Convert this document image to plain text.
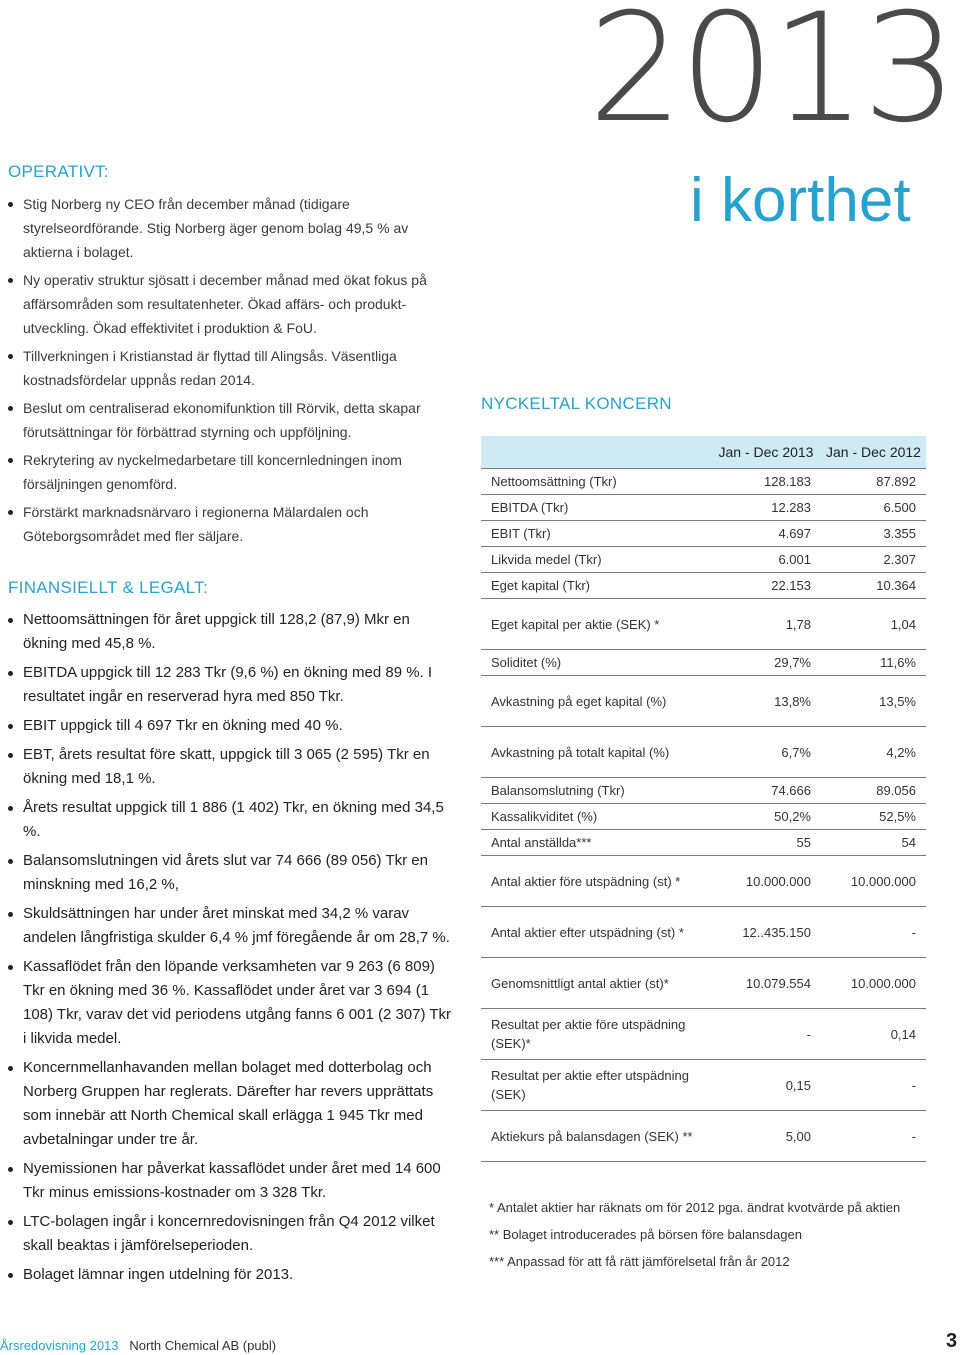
2013
i korthet
OPERATIVT:
Stig Norberg ny CEO från december månad (tidigare styrelseordförande. Stig Norberg äger genom bolag 49,5 % av aktierna i bolaget.
Ny operativ struktur sjösatt i december månad med ökat fokus på affärsområden som resultatenheter. Ökad affärs- och produkt-utveckling. Ökad effektivitet i produktion & FoU.
Tillverkningen i Kristianstad är flyttad till Alingsås. Väsentliga kostnadsfördelar uppnås redan 2014.
Beslut om centraliserad ekonomifunktion till Rörvik, detta skapar förutsättningar för förbättrad styrning och uppföljning.
Rekrytering av nyckelmedarbetare till koncernledningen inom försäljningen genomförd.
Förstärkt marknadsnärvaro i regionerna Mälardalen och Göteborgsområdet med fler säljare.
FINANSIELLT & LEGALT:
Nettoomsättningen för året uppgick till 128,2 (87,9) Mkr en ökning med 45,8 %.
EBITDA uppgick till 12 283 Tkr (9,6 %) en ökning med 89 %. I resultatet ingår en reserverad hyra med 850 Tkr.
EBIT uppgick till 4 697 Tkr en ökning med 40 %.
EBT, årets resultat före skatt, uppgick till 3 065 (2 595) Tkr en ökning med 18,1 %.
Årets resultat uppgick till 1 886 (1 402) Tkr, en ökning med 34,5 %.
Balansomslutningen vid årets slut var 74 666 (89 056) Tkr en minskning med 16,2 %,
Skuldsättningen har under året minskat med 34,2 % varav andelen långfristiga skulder 6,4 % jmf föregående år om 28,7 %.
Kassaflödet från den löpande verksamheten var 9 263 (6 809) Tkr en ökning med 36 %. Kassaflödet under året var 3 694 (1 108) Tkr, varav det vid periodens utgång fanns 6 001 (2 307) Tkr i likvida medel.
Koncernmellanhavanden mellan bolaget med dotterbolag och Norberg Gruppen har reglerats. Därefter har revers upprättats som innebär att North Chemical skall erlägga 1 945 Tkr med avbetalningar under tre år.
Nyemissionen har påverkat kassaflödet under året med 14 600 Tkr minus emissions-kostnader om 3 328 Tkr.
LTC-bolagen ingår i koncernredovisningen från Q4 2012 vilket skall beaktas i jämförelseperioden.
Bolaget lämnar ingen utdelning för 2013.
NYCKELTAL KONCERN
	Jan - Dec 2013	Jan - Dec 2012
Nettoomsättning (Tkr)	128.183	87.892
EBITDA (Tkr)	12.283	6.500
EBIT (Tkr)	4.697	3.355
Likvida medel (Tkr)	6.001	2.307
Eget kapital (Tkr)	22.153	10.364
Eget kapital per aktie (SEK) *	1,78	1,04
Soliditet (%)	29,7%	11,6%
Avkastning på eget kapital (%)	13,8%	13,5%
Avkastning på totalt kapital (%)	6,7%	4,2%
Balansomslutning (Tkr)	74.666	89.056
Kassalikviditet (%)	50,2%	52,5%
Antal anställda***	55	54
Antal aktier före utspädning (st) *	10.000.000	10.000.000
Antal aktier efter utspädning (st) *	12..435.150	-
Genomsnittligt antal aktier (st)*	10.079.554	10.000.000
Resultat per aktie före utspädning (SEK)*	-	0,14
Resultat per aktie efter utspädning (SEK)	0,15	-
Aktiekurs på balansdagen (SEK) **	5,00	-

* Antalet aktier har räknats om för 2012 pga. ändrat kvotvärde på aktien

** Bolaget introducerades på börsen före balansdagen

*** Anpassad för att få rätt jämförelsetal från år 2012

Årsredovisning 2013 North Chemical AB (publ)	3
